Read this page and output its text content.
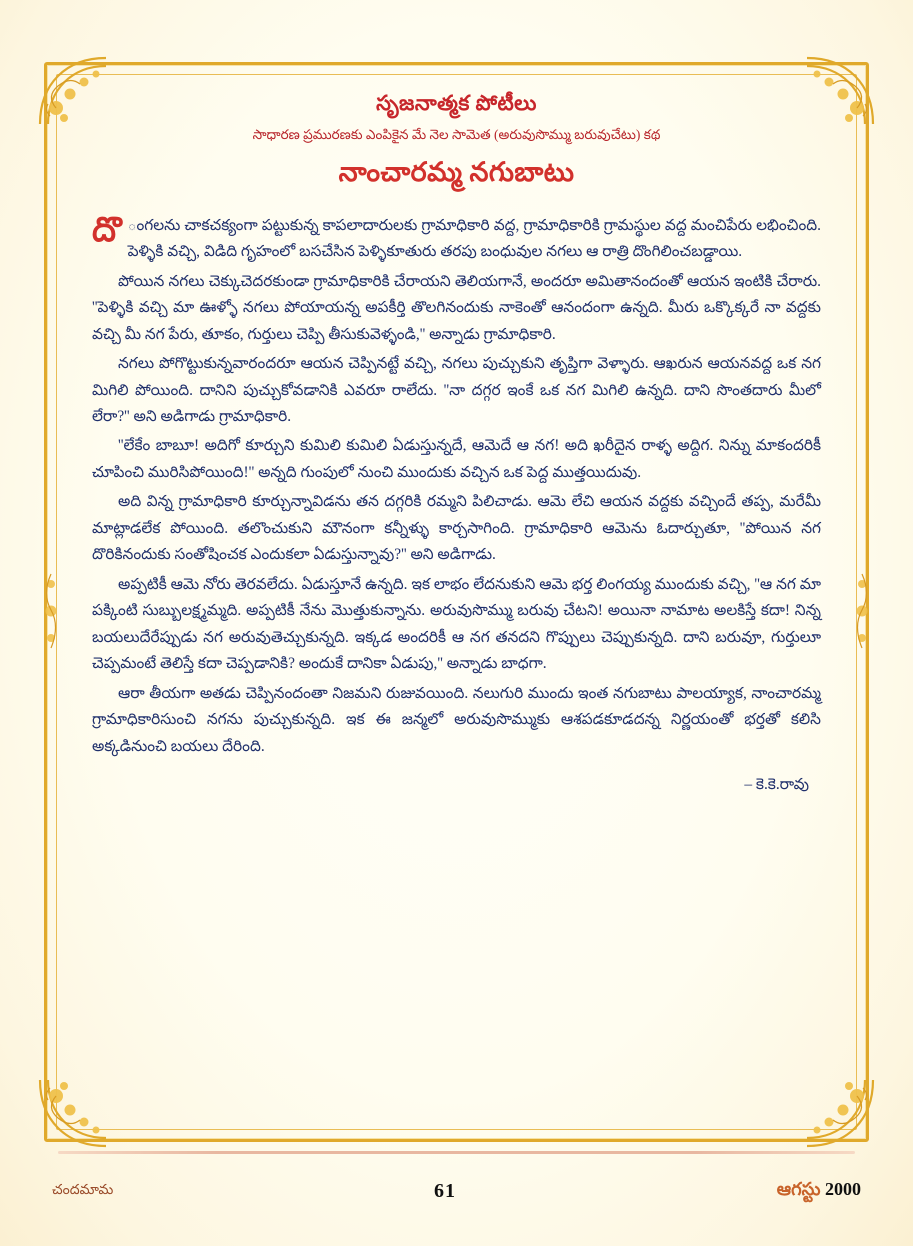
సృజనాత్మక పోటీలు
సాధారణ ప్రమురణకు ఎంపికైన మే నెల సామెత (అరువుసొమ్ము బరువుచేటు) కథ
నాంచారమ్మ నగుబాటు

దొ ంగలను చాకచక్యంగా పట్టుకున్న కాపలాదారులకు గ్రామాధికారి వద్ద, గ్రామాధికారికి గ్రామస్థుల వద్ద మంచిపేరు లభించింది. పెళ్ళికి వచ్చి, విడిది గృహంలో బసచేసిన పెళ్ళికూతురు తరపు బంధువుల నగలు ఆ రాత్రి దొంగిలించబడ్డాయి.

పోయిన నగలు చెక్కుచెదరకుండా గ్రామాధికారికి చేరాయని తెలియగానే, అందరూ అమితానందంతో ఆయన ఇంటికి చేరారు. ''పెళ్ళికి వచ్చి మా ఊళ్ళో నగలు పోయాయన్న అపకీర్తి తొలగినందుకు నాకెంతో ఆనందంగా ఉన్నది. మీరు ఒక్కొక్కరే నా వద్దకు వచ్చి మీ నగ పేరు, తూకం, గుర్తులు చెప్పి తీసుకువెళ్ళండి,'' అన్నాడు గ్రామాధికారి.

నగలు పోగొట్టుకున్నవారందరూ ఆయన చెప్పినట్టే వచ్చి, నగలు పుచ్చుకుని తృప్తిగా వెళ్ళారు. ఆఖరున ఆయనవద్ద ఒక నగ మిగిలి పోయింది. దానిని పుచ్చుకోవడానికి ఎవరూ రాలేదు. ''నా దగ్గర ఇంకే ఒక నగ మిగిలి ఉన్నది. దాని సొంతదారు మీలో లేరా?'' అని అడిగాడు గ్రామాధికారి.

''లేకేం బాబూ! అదిగో కూర్చుని కుమిలి కుమిలి ఏడుస్తున్నదే, ఆమెదే ఆ నగ! అది ఖరీదైన రాళ్ళ అద్దిగ. నిన్ను మాకందరికీ చూపించి మురిసిపోయింది!'' అన్నది గుంపులో నుంచి ముందుకు వచ్చిన ఒక పెద్ద ముత్తయిదువు.

అది విన్న గ్రామాధికారి కూర్చున్నావిడను తన దగ్గరికి రమ్మని పిలిచాడు. ఆమె లేచి ఆయన వద్దకు వచ్చిందే తప్ప, మరేమీ మాట్లాడలేక పోయింది. తలొంచుకుని మౌనంగా కన్నీళ్ళు కార్చసాగింది. గ్రామాధికారి ఆమెను ఓదార్చుతూ, ''పోయిన నగ దొరికినందుకు సంతోషించక ఎందుకలా ఏడుస్తున్నావు?'' అని అడిగాడు.

అప్పటికీ ఆమె నోరు తెరవలేదు. ఏడుస్తూనే ఉన్నది. ఇక లాభం లేదనుకుని ఆమె భర్త లింగయ్య ముందుకు వచ్చి, ''ఆ నగ మా పక్కింటి సుబ్బులక్ష్మమ్మది. అప్పటికీ నేను మొత్తుకున్నాను. అరువుసొమ్ము బరువు చేటని! అయినా నామాట అలకిస్తే కదా! నిన్న బయలుదేరేప్పుడు నగ అరువుతెచ్చుకున్నది. ఇక్కడ అందరికీ ఆ నగ తనదని గొప్పులు చెప్పుకున్నది. దాని బరువూ, గుర్తులూ చెప్పమంటే తెలిస్తే కదా చెప్పడానికి? అందుకే దానికా ఏడుపు,'' అన్నాడు బాధగా.

ఆరా తీయగా అతడు చెప్పినందంతా నిజమని రుజువయింది. నలుగురి ముందు ఇంత నగుబాటు పాలయ్యాక, నాంచారమ్మ గ్రామాధికారిసుంచి నగను పుచ్చుకున్నది. ఇక ఈ జన్మలో అరువుసొమ్ముకు ఆశపడకూడదన్న నిర్ణయంతో భర్తతో కలిసి అక్కడినుంచి బయలు దేరింది.

– కె.కె.రావు
చందమామ	61	ఆగస్టు 2000
